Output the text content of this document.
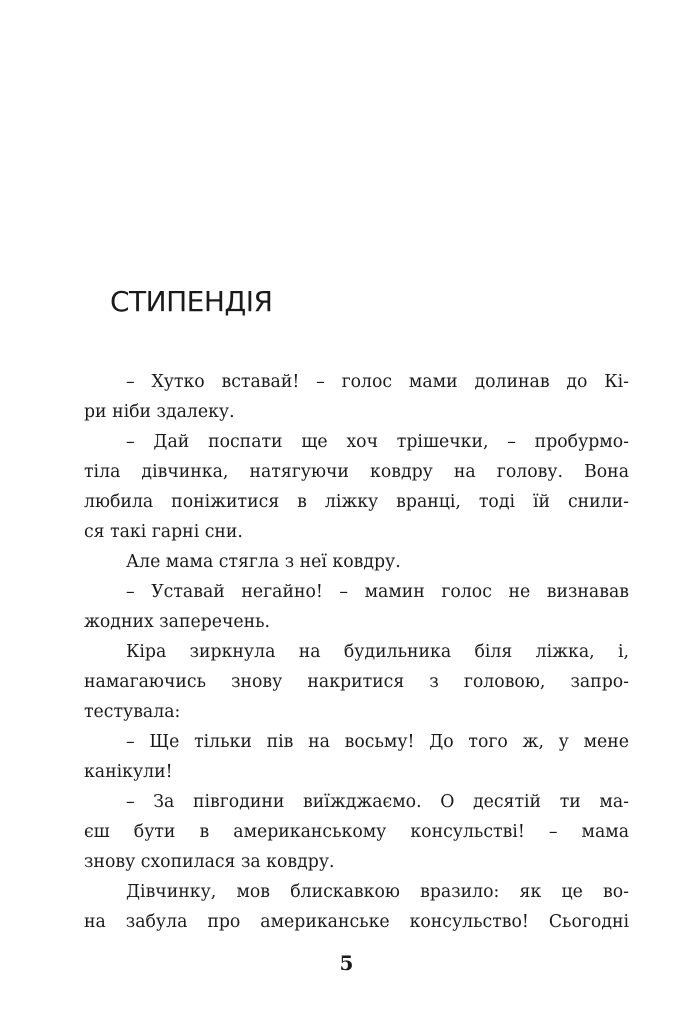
СТИПЕНДІЯ
– Хутко вставай! – голос мами долинав до Кі-
ри ніби здалеку.
– Дай поспати ще хоч трішечки, – пробурмо-
тіла дівчинка, натягуючи ковдру на голову. Вона
любила поніжитися в ліжку вранці, тоді їй снили-
ся такі гарні сни.
Але мама стягла з неї ковдру.
– Уставай негайно! – мамин голос не визнавав
жодних заперечень.
Кіра зиркнула на будильника біля ліжка, і,
намагаючись знову накритися з головою, запро-
тестувала:
– Ще тільки пів на восьму! До того ж, у мене
канікули!
– За півгодини виїжджаємо. О десятій ти ма-
єш бути в американському консульстві! – мама
знову схопилася за ковдру.
Дівчинку, мов блискавкою вразило: як це во-
на забула про американське консульство! Сьогодні
5
